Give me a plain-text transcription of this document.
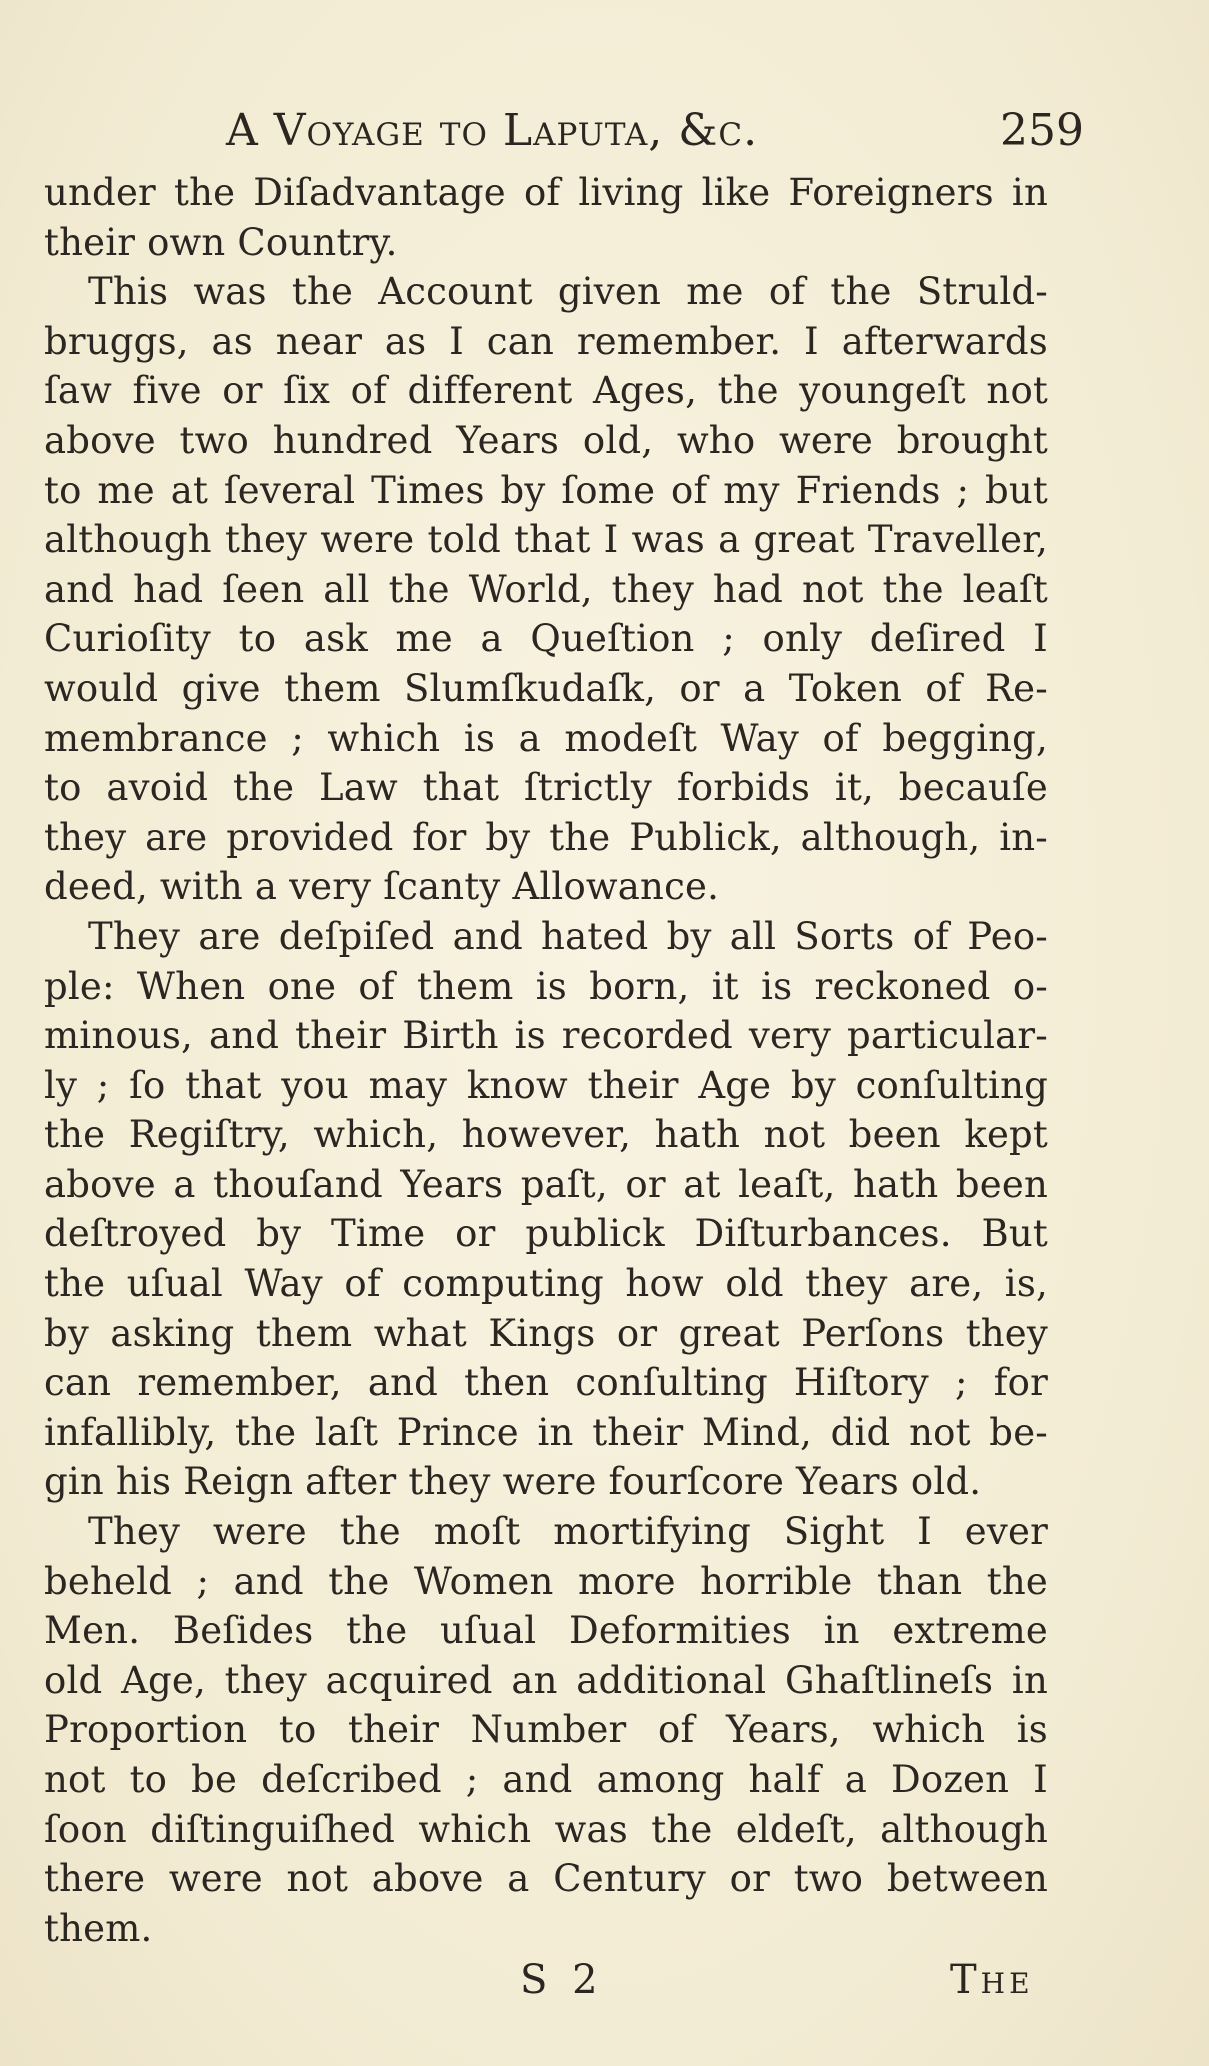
A Voyage to Laputa, &c.	259
under the Diſadvantage of living like Foreigners in
their own Country.
This was the Account given me of the Struld-
bruggs, as near as I can remember. I afterwards
ſaw five or ſix of different Ages, the youngeſt not
above two hundred Years old, who were brought
to me at ſeveral Times by ſome of my Friends ; but
although they were told that I was a great Traveller,
and had ſeen all the World, they had not the leaſt
Curioſity to ask me a Queſtion ; only deſired I
would give them Slumſkudaſk, or a Token of Re-
membrance ; which is a modeſt Way of begging,
to avoid the Law that ſtrictly forbids it, becauſe
they are provided for by the Publick, although, in-
deed, with a very ſcanty Allowance.
They are deſpiſed and hated by all Sorts of Peo-
ple: When one of them is born, it is reckoned o-
minous, and their Birth is recorded very particular-
ly ; ſo that you may know their Age by conſulting
the Regiſtry, which, however, hath not been kept
above a thouſand Years paſt, or at leaſt, hath been
deſtroyed by Time or publick Diſturbances. But
the uſual Way of computing how old they are, is,
by asking them what Kings or great Perſons they
can remember, and then conſulting Hiſtory ; for
infallibly, the laſt Prince in their Mind, did not be-
gin his Reign after they were fourſcore Years old.
They were the moſt mortifying Sight I ever
beheld ; and the Women more horrible than the
Men. Beſides the uſual Deformities in extreme
old Age, they acquired an additional Ghaſtlineſs in
Proportion to their Number of Years, which is
not to be deſcribed ; and among half a Dozen I
ſoon diſtinguiſhed which was the eldeſt, although
there were not above a Century or two between
them.
S 2	The
